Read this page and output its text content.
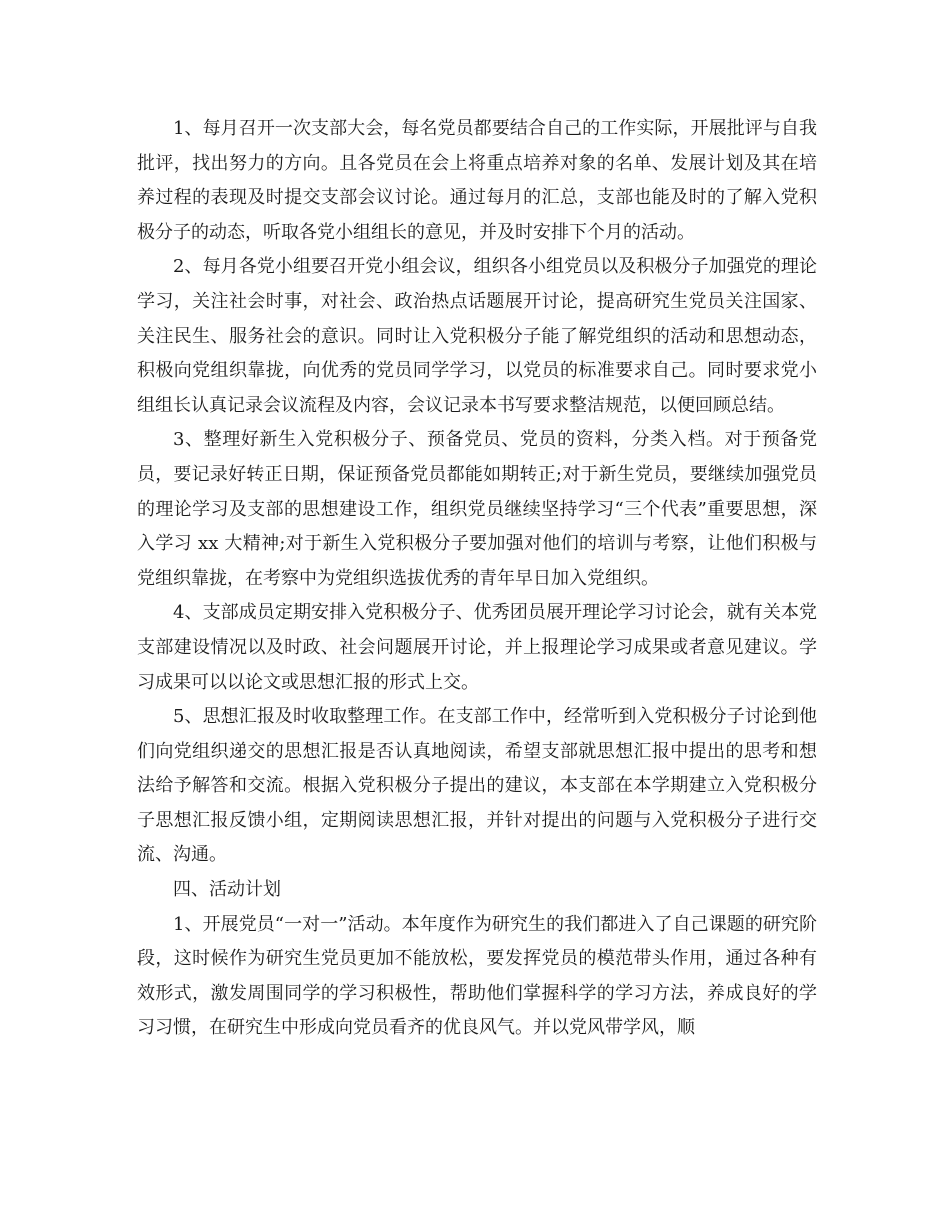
1、每月召开一次支部大会，每名党员都要结合自己的工作实际，开展批评与自我批评，找出努力的方向。且各党员在会上将重点培养对象的名单、发展计划及其在培养过程的表现及时提交支部会议讨论。通过每月的汇总，支部也能及时的了解入党积极分子的动态，听取各党小组组长的意见，并及时安排下个月的活动。

2、每月各党小组要召开党小组会议，组织各小组党员以及积极分子加强党的理论学习，关注社会时事，对社会、政治热点话题展开讨论，提高研究生党员关注国家、关注民生、服务社会的意识。同时让入党积极分子能了解党组织的活动和思想动态，积极向党组织靠拢，向优秀的党员同学学习，以党员的标准要求自己。同时要求党小组组长认真记录会议流程及内容，会议记录本书写要求整洁规范，以便回顾总结。

3、整理好新生入党积极分子、预备党员、党员的资料，分类入档。对于预备党员，要记录好转正日期，保证预备党员都能如期转正;对于新生党员，要继续加强党员的理论学习及支部的思想建设工作，组织党员继续坚持学习“三个代表”重要思想，深入学习 xx 大精神;对于新生入党积极分子要加强对他们的培训与考察，让他们积极与党组织靠拢，在考察中为党组织选拔优秀的青年早日加入党组织。

4、支部成员定期安排入党积极分子、优秀团员展开理论学习讨论会，就有关本党支部建设情况以及时政、社会问题展开讨论，并上报理论学习成果或者意见建议。学习成果可以以论文或思想汇报的形式上交。

5、思想汇报及时收取整理工作。在支部工作中，经常听到入党积极分子讨论到他们向党组织递交的思想汇报是否认真地阅读，希望支部就思想汇报中提出的思考和想法给予解答和交流。根据入党积极分子提出的建议，本支部在本学期建立入党积极分子思想汇报反馈小组，定期阅读思想汇报，并针对提出的问题与入党积极分子进行交流、沟通。

四、活动计划

1、开展党员“一对一”活动。本年度作为研究生的我们都进入了自己课题的研究阶段，这时候作为研究生党员更加不能放松，要发挥党员的模范带头作用，通过各种有效形式，激发周围同学的学习积极性，帮助他们掌握科学的学习方法，养成良好的学习习惯，在研究生中形成向党员看齐的优良风气。并以党风带学风，顺
